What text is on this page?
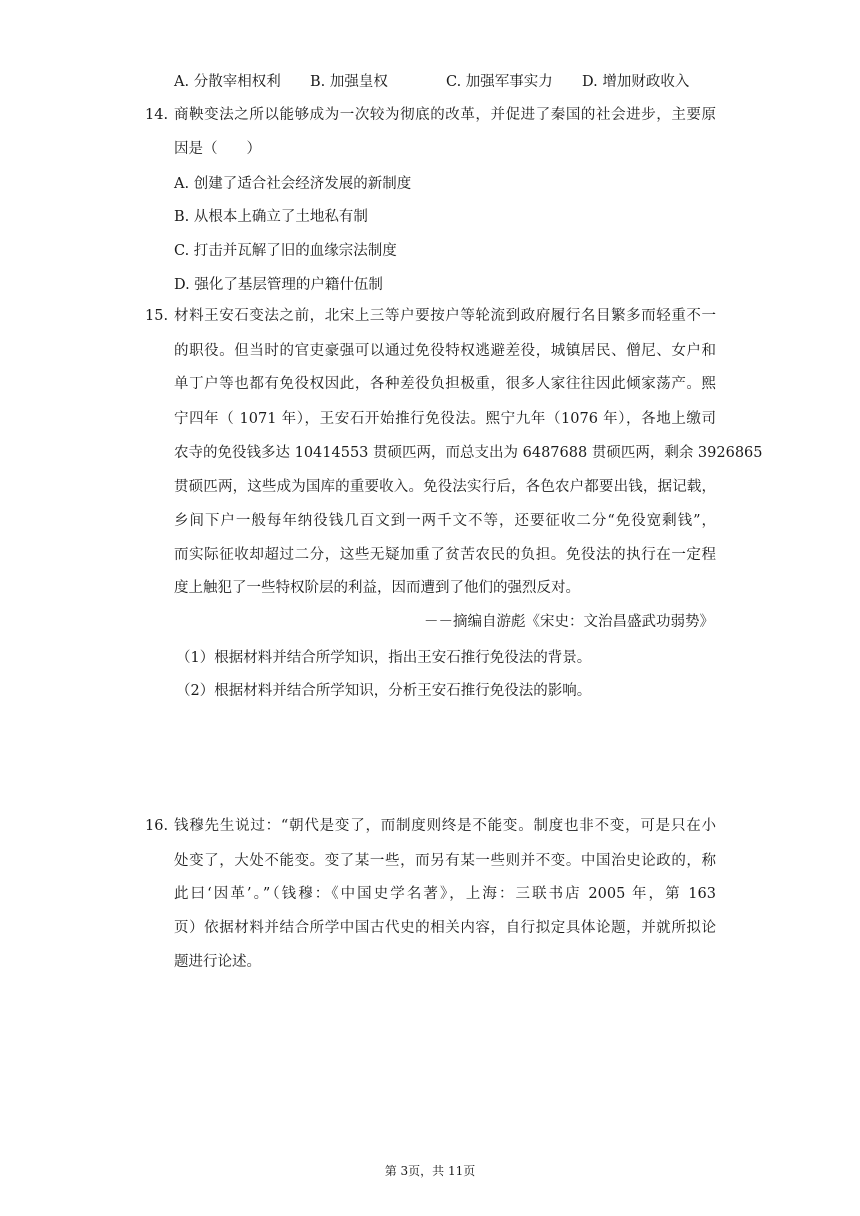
A. 分散宰相权利 B. 加强皇权	C. 加强军事实力 D. 增加财政收入
14. 商鞅变法之所以能够成为一次较为彻底的改革，并促进了秦国的社会进步，主要原
因是（　　）
A. 创建了适合社会经济发展的新制度
B. 从根本上确立了土地私有制
C. 打击并瓦解了旧的血缘宗法制度
D. 强化了基层管理的户籍什伍制
15. 材料王安石变法之前，北宋上三等户要按户等轮流到政府履行名目繁多而轻重不一
的职役。但当时的官吏豪强可以通过免役特权逃避差役，城镇居民、僧尼、女户和
单丁户等也都有免役权因此，各种差役负担极重，很多人家往往因此倾家荡产。熙
宁四年（ 1071 年），王安石开始推行免役法。熙宁九年（1076 年），各地上缴司
农寺的免役钱多达 10414553 贯硕匹两，而总支出为 6487688 贯硕匹两，剩余 3926865
贯硕匹两，这些成为国库的重要收入。免役法实行后，各色农户都要出钱，据记载，
乡间下户一般每年纳役钱几百文到一两千文不等，还要征收二分“免役宽剩钱”，
而实际征收却超过二分，这些无疑加重了贫苦农民的负担。免役法的执行在一定程
度上触犯了一些特权阶层的利益，因而遭到了他们的强烈反对。
－－摘编自游彪《宋史：文治昌盛武功弱势》
（1）根据材料并结合所学知识，指出王安石推行免役法的背景。
（2）根据材料并结合所学知识，分析王安石推行免役法的影响。
16. 钱穆先生说过：“朝代是变了，而制度则终是不能变。制度也非不变，可是只在小
处变了，大处不能变。变了某一些，而另有某一些则并不变。中国治史论政的，称
此曰‘因革’。”（钱穆：《中国史学名著》，上海：三联书店 2005 年，第 163
页）依据材料并结合所学中国古代史的相关内容，自行拟定具体论题，并就所拟论
题进行论述。
第 3页，共 11页
